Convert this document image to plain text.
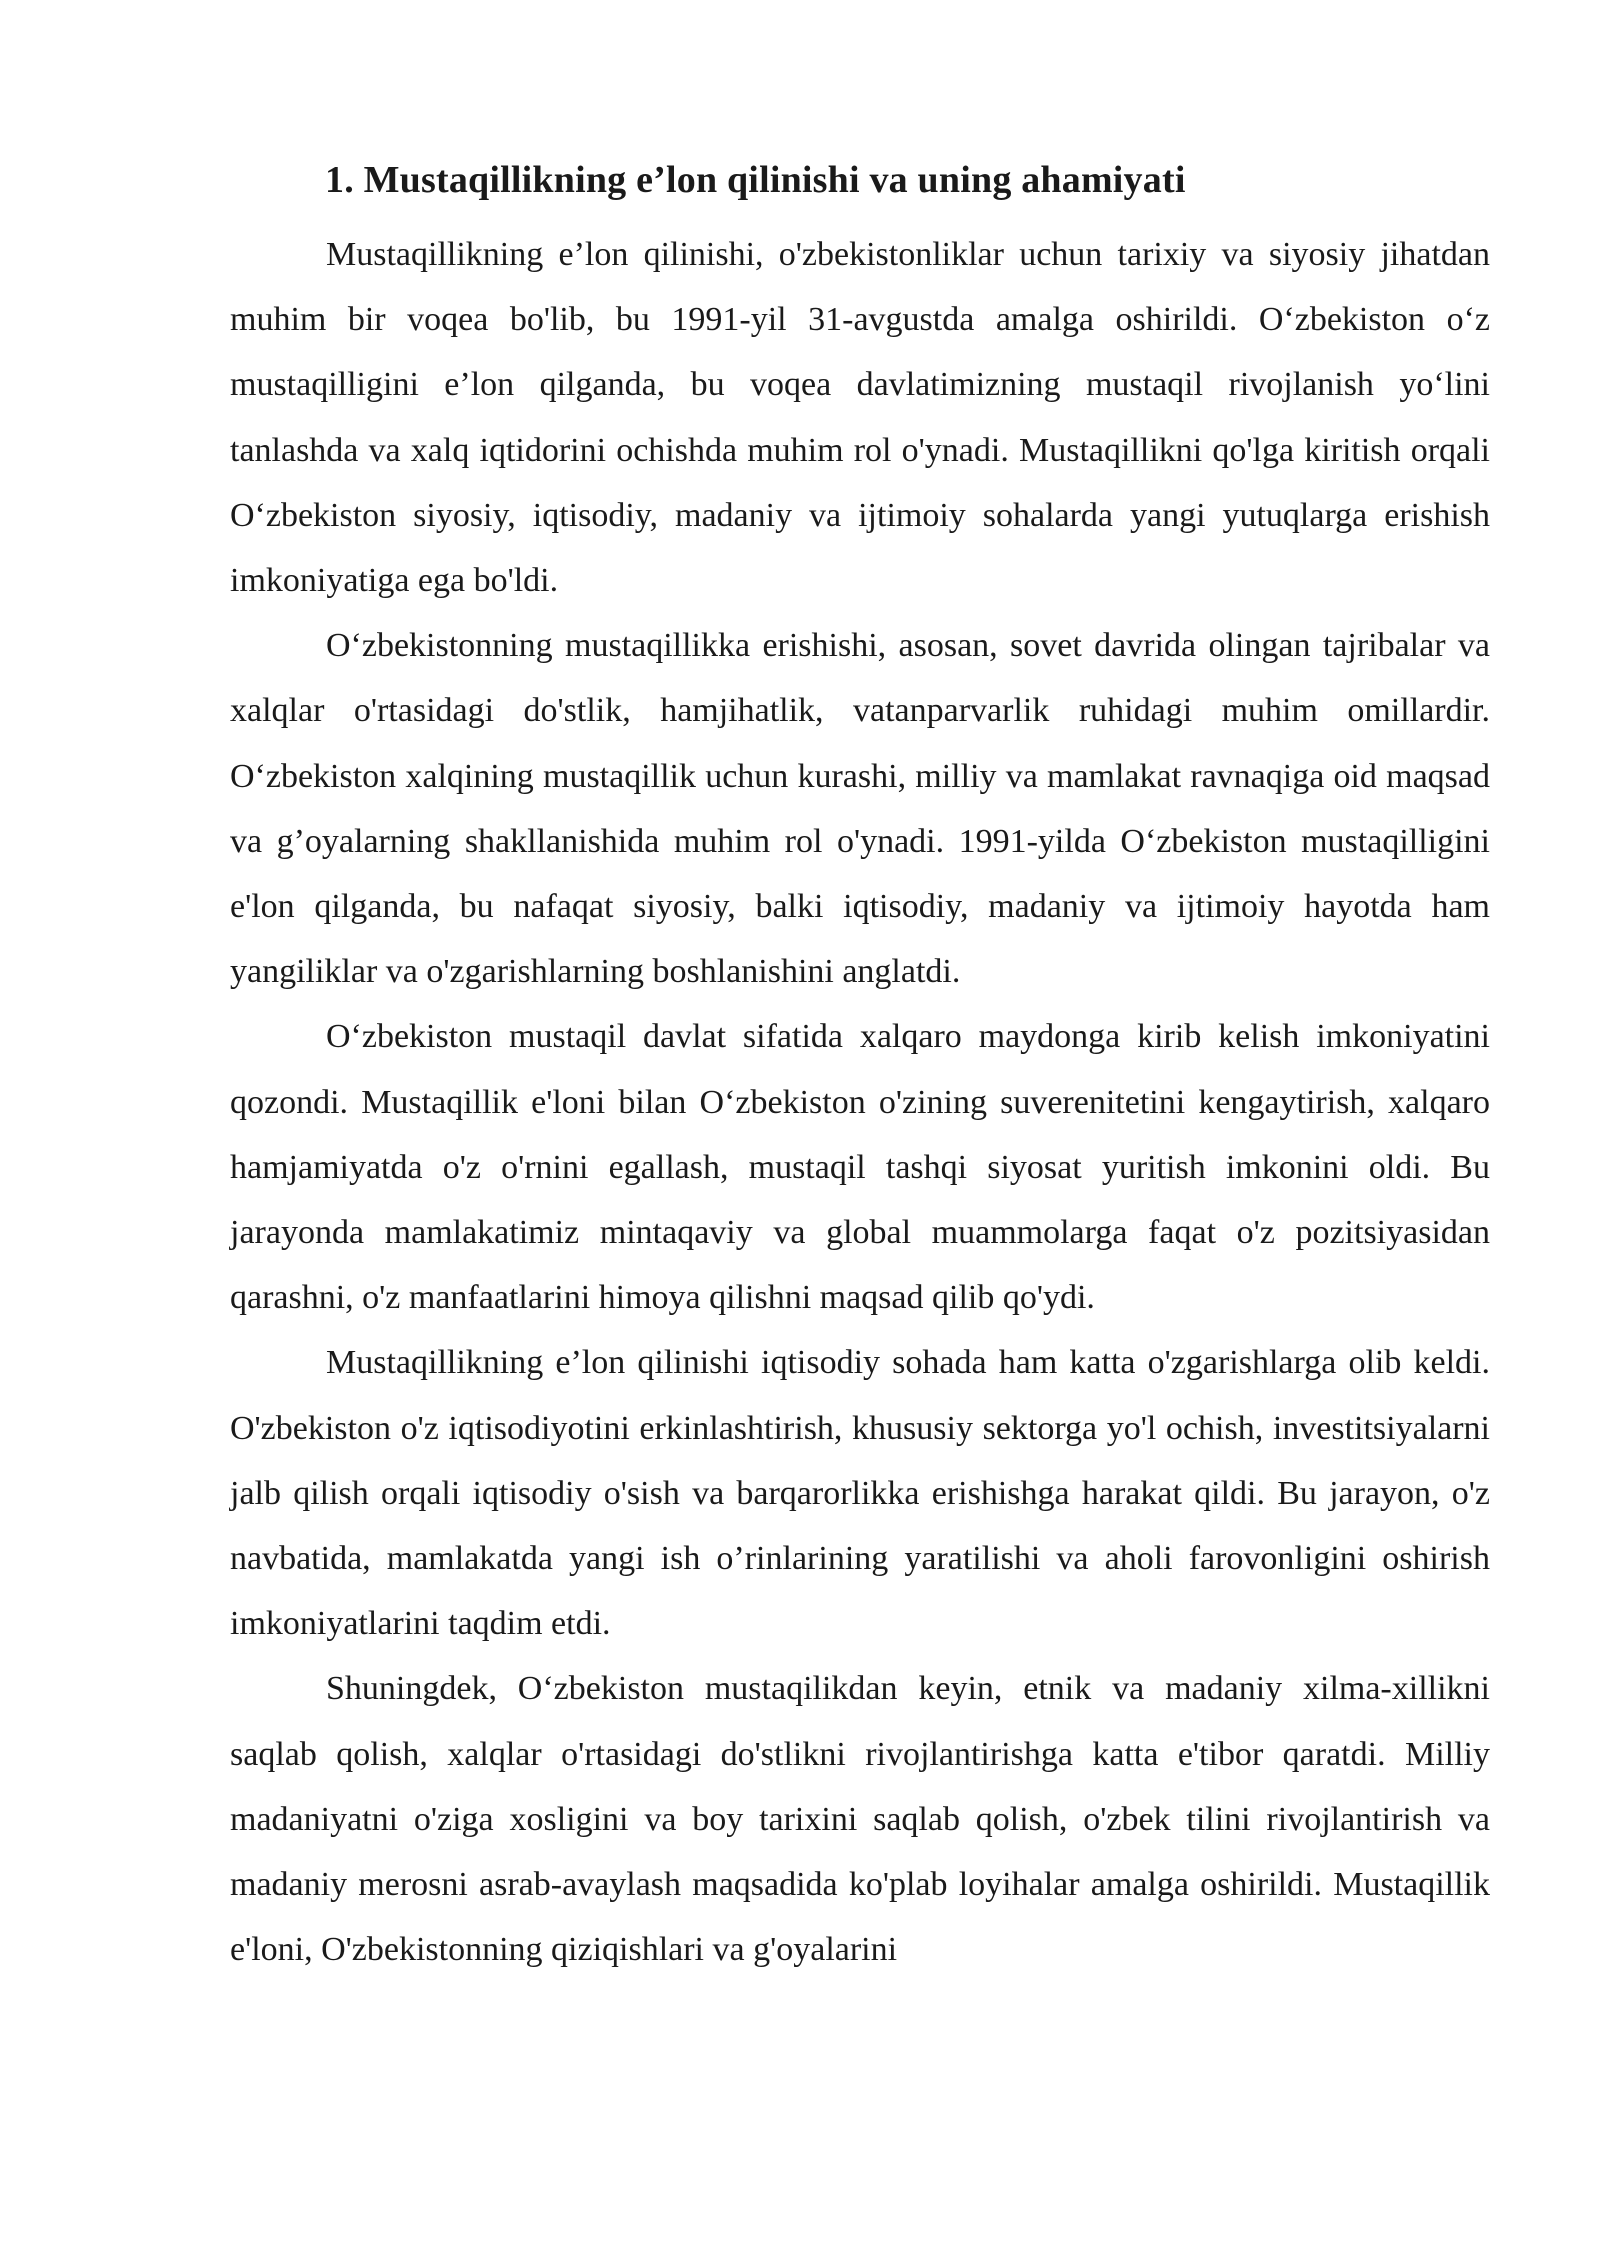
1. Mustaqillikning e’lon qilinishi va uning ahamiyati

Mustaqillikning e’lon qilinishi, o'zbekistonliklar uchun tarixiy va siyosiy jihatdan muhim bir voqea bo'lib, bu 1991-yil 31-avgustda amalga oshirildi. O‘zbekiston o‘z mustaqilligini e’lon qilganda, bu voqea davlatimizning mustaqil rivojlanish yo‘lini tanlashda va xalq iqtidorini ochishda muhim rol o'ynadi. Mustaqillikni qo'lga kiritish orqali O‘zbekiston siyosiy, iqtisodiy, madaniy va ijtimoiy sohalarda yangi yutuqlarga erishish imkoniyatiga ega bo'ldi.

O‘zbekistonning mustaqillikka erishishi, asosan, sovet davrida olingan tajribalar va xalqlar o'rtasidagi do'stlik, hamjihatlik, vatanparvarlik ruhidagi muhim omillardir. O‘zbekiston xalqining mustaqillik uchun kurashi, milliy va mamlakat ravnaqiga oid maqsad va g’oyalarning shakllanishida muhim rol o'ynadi. 1991-yilda O‘zbekiston mustaqilligini e'lon qilganda, bu nafaqat siyosiy, balki iqtisodiy, madaniy va ijtimoiy hayotda ham yangiliklar va o'zgarishlarning boshlanishini anglatdi.

O‘zbekiston mustaqil davlat sifatida xalqaro maydonga kirib kelish imkoniyatini qozondi. Mustaqillik e'loni bilan O‘zbekiston o'zining suverenitetini kengaytirish, xalqaro hamjamiyatda o'z o'rnini egallash, mustaqil tashqi siyosat yuritish imkonini oldi. Bu jarayonda mamlakatimiz mintaqaviy va global muammolarga faqat o'z pozitsiyasidan qarashni, o'z manfaatlarini himoya qilishni maqsad qilib qo'ydi.

Mustaqillikning e’lon qilinishi iqtisodiy sohada ham katta o'zgarishlarga olib keldi. O'zbekiston o'z iqtisodiyotini erkinlashtirish, khususiy sektorga yo'l ochish, investitsiyalarni jalb qilish orqali iqtisodiy o'sish va barqarorlikka erishishga harakat qildi. Bu jarayon, o'z navbatida, mamlakatda yangi ish o’rinlarining yaratilishi va aholi farovonligini oshirish imkoniyatlarini taqdim etdi.

Shuningdek, O‘zbekiston mustaqilikdan keyin, etnik va madaniy xilma-xillikni saqlab qolish, xalqlar o'rtasidagi do'stlikni rivojlantirishga katta e'tibor qaratdi. Milliy madaniyatni o'ziga xosligini va boy tarixini saqlab qolish, o'zbek tilini rivojlantirish va madaniy merosni asrab-avaylash maqsadida ko'plab loyihalar amalga oshirildi. Mustaqillik e'loni, O'zbekistonning qiziqishlari va g'oyalarini
